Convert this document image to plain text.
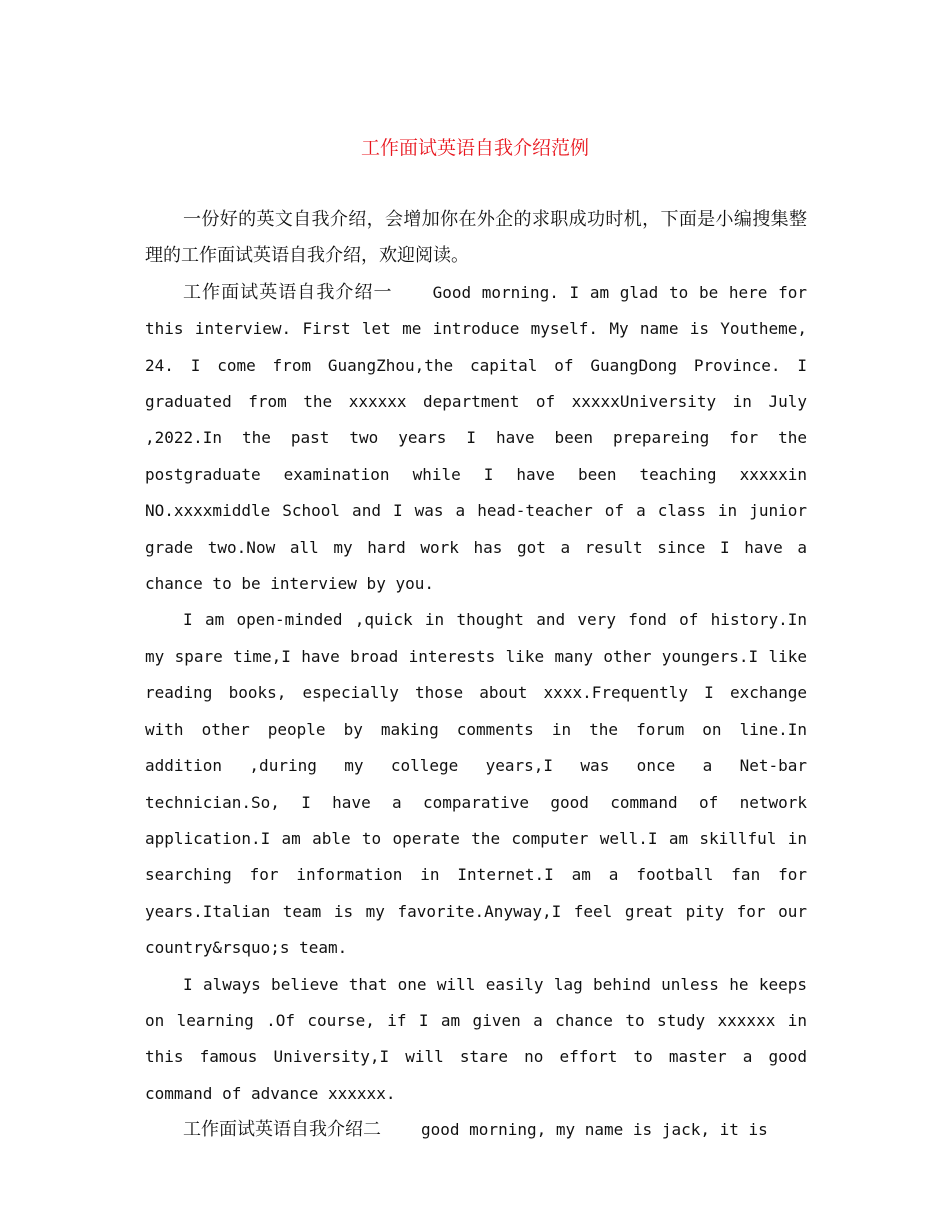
工作面试英语自我介绍范例

一份好的英文自我介绍，会增加你在外企的求职成功时机，下面是小编搜集整理的工作面试英语自我介绍，欢迎阅读。

工作面试英语自我介绍一	Good morning. I am glad to be here for this interview. First let me introduce myself. My name is Youtheme, 24. I come from GuangZhou,the capital of GuangDong Province. I graduated from the xxxxxx department of xxxxxUniversity in July ,2022.In the past two years I have been prepareing for the postgraduate examination while I have been teaching xxxxxin NO.xxxxmiddle School and I was a head-teacher of a class in junior grade two.Now all my hard work has got a result since I have a chance to be interview by you.

I am open-minded ,quick in thought and very fond of history.In my spare time,I have broad interests like many other youngers.I like reading books, especially those about xxxx.Frequently I exchange with other people by making comments in the forum on line.In addition ,during my college years,I was once a Net-bar technician.So, I have a comparative good command of network application.I am able to operate the computer well.I am skillful in searching for information in Internet.I am a football fan for years.Italian team is my favorite.Anyway,I feel great pity for our country&rsquo;s team.

I always believe that one will easily lag behind unless he keeps on learning .Of course, if I am given a chance to study xxxxxx in this famous University,I will stare no effort to master a good command of advance xxxxxx.

工作面试英语自我介绍二	good morning, my name is jack, it is
